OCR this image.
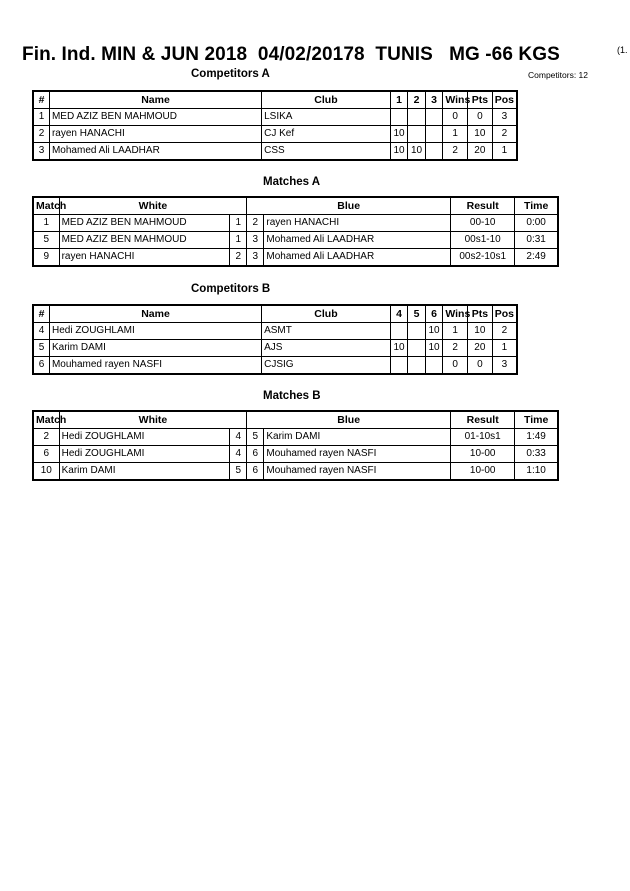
Fin. Ind. MIN & JUN 2018  04/02/20178  TUNIS   MG -66 KGS	(1.
Competitors A	Competitors: 12
#	Name	Club	1	2	3	Wins	Pts	Pos
1	MED AZIZ BEN MAHMOUD	LSIKA				0	0	3
2	rayen HANACHI	CJ Kef	10			1	10	2
3	Mohamed Ali LAADHAR	CSS	10	10		2	20	1
Matches A
Match	White		Blue		Result	Time
1	MED AZIZ BEN MAHMOUD	1	2	rayen HANACHI	00-10	0:00
5	MED AZIZ BEN MAHMOUD	1	3	Mohamed Ali LAADHAR	00s1-10	0:31
9	rayen HANACHI	2	3	Mohamed Ali LAADHAR	00s2-10s1	2:49
Competitors B
#	Name	Club	4	5	6	Wins	Pts	Pos
4	Hedi ZOUGHLAMI	ASMT			10	1	10	2
5	Karim DAMI	AJS	10		10	2	20	1
6	Mouhamed rayen NASFI	CJSIG				0	0	3
Matches B
Match	White		Blue		Result	Time
2	Hedi ZOUGHLAMI	4	5	Karim DAMI	01-10s1	1:49
6	Hedi ZOUGHLAMI	4	6	Mouhamed rayen NASFI	10-00	0:33
10	Karim DAMI	5	6	Mouhamed rayen NASFI	10-00	1:10
